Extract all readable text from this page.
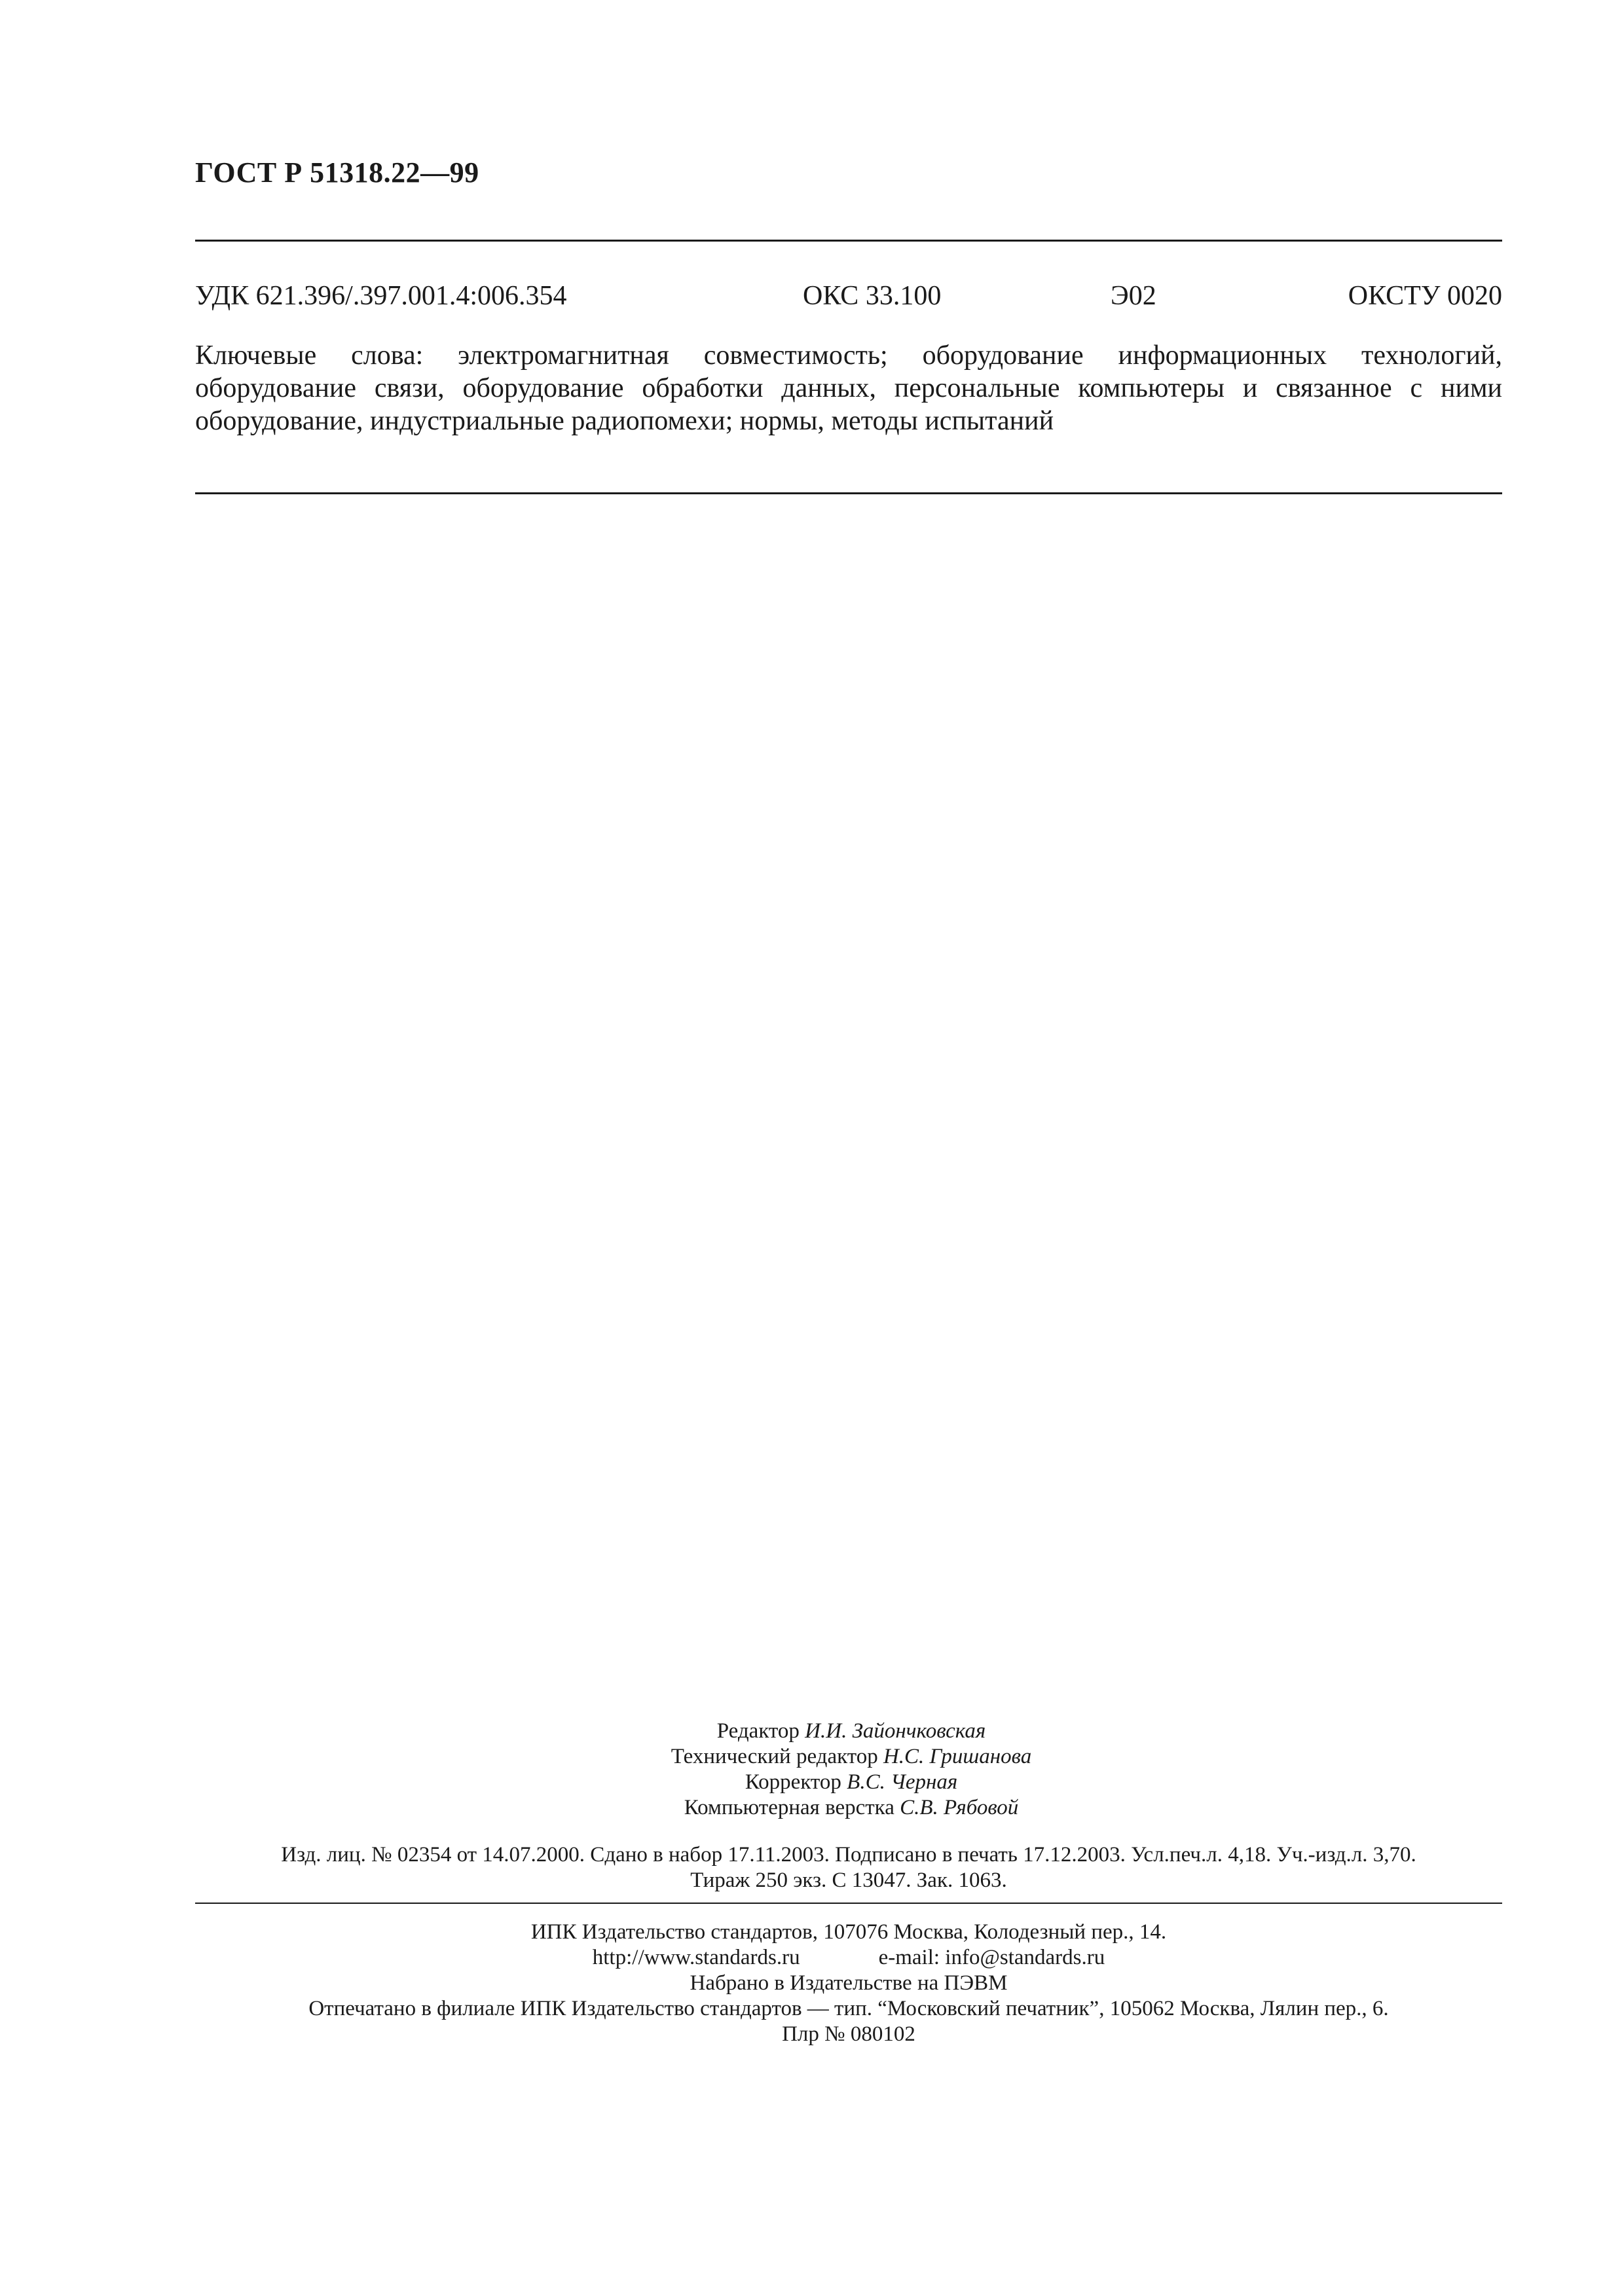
ГОСТ Р 51318.22—99
УДК 621.396/.397.001.4:006.354	ОКС 33.100	Э02	ОКСТУ 0020
Ключевые слова: электромагнитная совместимость; оборудование информационных технологий, оборудование связи, оборудование обработки данных, персональные компьютеры и связанное с ними оборудование, индустриальные радиопомехи; нормы, методы испытаний
Редактор И.И. Зайончковская
Технический редактор Н.С. Гришанова
Корректор В.С. Черная
Компьютерная верстка С.В. Рябовой
Изд. лиц. № 02354 от 14.07.2000. Сдано в набор 17.11.2003. Подписано в печать 17.12.2003. Усл.печ.л. 4,18. Уч.-изд.л. 3,70.
Тираж 250 экз. С 13047. Зак. 1063.
ИПК Издательство стандартов, 107076 Москва, Колодезный пер., 14.
http://www.standards.ru	e-mail: info@standards.ru
Набрано в Издательстве на ПЭВМ
Отпечатано в филиале ИПК Издательство стандартов — тип. “Московский печатник”, 105062 Москва, Лялин пер., 6.
Плр № 080102
